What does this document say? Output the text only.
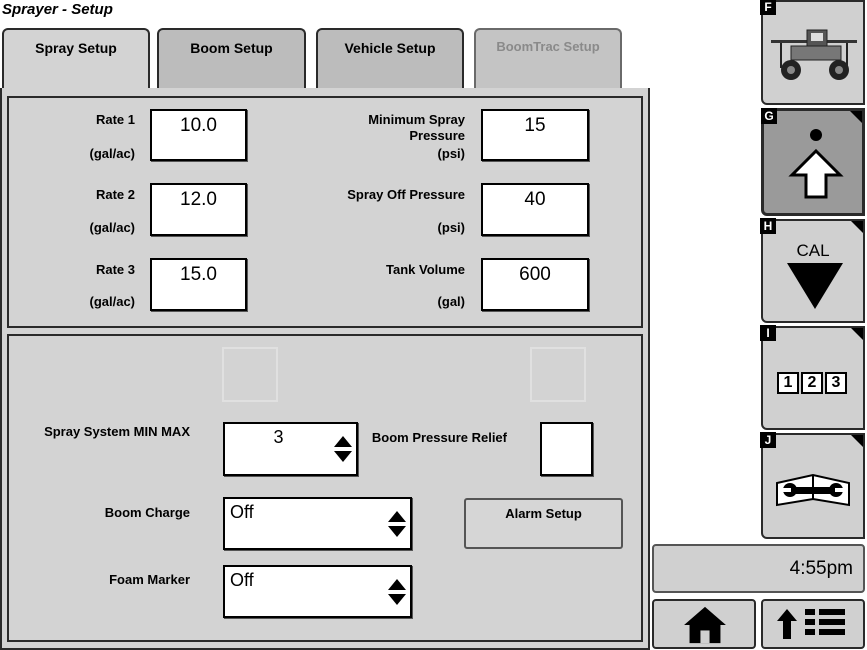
Sprayer - Setup
Spray Setup	Boom Setup	Vehicle Setup	BoomTrac Setup
Rate 1
(gal/ac)
10.0
Rate 2
(gal/ac)
12.0
Rate 3
(gal/ac)
15.0
Minimum Spray Pressure
(psi)
15
Spray Off Pressure
(psi)
40
Tank Volume
(gal)
600
Spray System MIN MAX	3	Boom Pressure Relief
Boom Charge	Off	Alarm Setup
Foam Marker	Off
F
G
H
CAL
I
1 2 3
J
4:55pm
